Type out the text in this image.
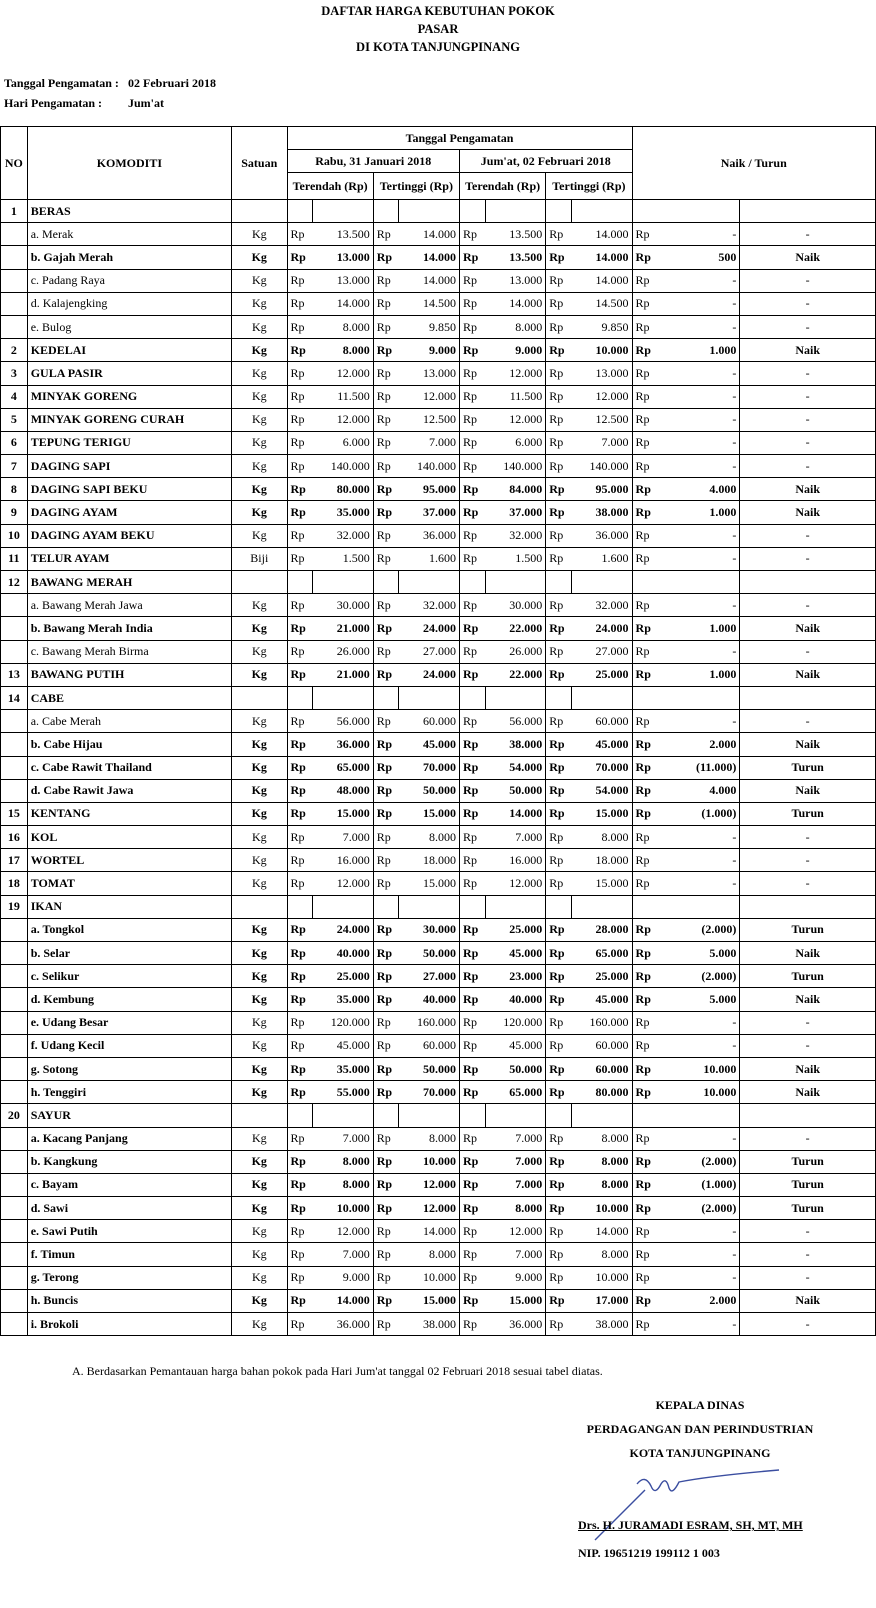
DAFTAR HARGA KEBUTUHAN POKOK
PASAR
DI KOTA TANJUNGPINANG
Tanggal Pengamatan : 02 Februari 2018
Hari Pengamatan : Jum'at
NO	KOMODITI	Satuan	Tanggal Pengamatan								Naik / Turun		
			Rabu, 31 Januari 2018				Jum'at, 02 Februari 2018						
			Terendah (Rp)		Tertinggi (Rp)		Terendah (Rp)		Tertinggi (Rp)				
1	BERAS												
	a. Merak	Kg	Rp	13.500	Rp	14.000	Rp	13.500	Rp	14.000	Rp	-	-
	b. Gajah Merah	Kg	Rp	13.000	Rp	14.000	Rp	13.500	Rp	14.000	Rp	500	Naik
	c. Padang Raya	Kg	Rp	13.000	Rp	14.000	Rp	13.000	Rp	14.000	Rp	-	-
	d. Kalajengking	Kg	Rp	14.000	Rp	14.500	Rp	14.000	Rp	14.500	Rp	-	-
	e. Bulog	Kg	Rp	8.000	Rp	9.850	Rp	8.000	Rp	9.850	Rp	-	-
2	KEDELAI	Kg	Rp	8.000	Rp	9.000	Rp	9.000	Rp	10.000	Rp	1.000	Naik
3	GULA PASIR	Kg	Rp	12.000	Rp	13.000	Rp	12.000	Rp	13.000	Rp	-	-
4	MINYAK GORENG	Kg	Rp	11.500	Rp	12.000	Rp	11.500	Rp	12.000	Rp	-	-
5	MINYAK GORENG CURAH	Kg	Rp	12.000	Rp	12.500	Rp	12.000	Rp	12.500	Rp	-	-
6	TEPUNG TERIGU	Kg	Rp	6.000	Rp	7.000	Rp	6.000	Rp	7.000	Rp	-	-
7	DAGING SAPI	Kg	Rp	140.000	Rp	140.000	Rp	140.000	Rp	140.000	Rp	-	-
8	DAGING SAPI BEKU	Kg	Rp	80.000	Rp	95.000	Rp	84.000	Rp	95.000	Rp	4.000	Naik
9	DAGING AYAM	Kg	Rp	35.000	Rp	37.000	Rp	37.000	Rp	38.000	Rp	1.000	Naik
10	DAGING AYAM BEKU	Kg	Rp	32.000	Rp	36.000	Rp	32.000	Rp	36.000	Rp	-	-
11	TELUR AYAM	Biji	Rp	1.500	Rp	1.600	Rp	1.500	Rp	1.600	Rp	-	-
12	BAWANG MERAH												
	a. Bawang Merah Jawa	Kg	Rp	30.000	Rp	32.000	Rp	30.000	Rp	32.000	Rp	-	-
	b. Bawang Merah India	Kg	Rp	21.000	Rp	24.000	Rp	22.000	Rp	24.000	Rp	1.000	Naik
	c. Bawang Merah Birma	Kg	Rp	26.000	Rp	27.000	Rp	26.000	Rp	27.000	Rp	-	-
13	BAWANG PUTIH	Kg	Rp	21.000	Rp	24.000	Rp	22.000	Rp	25.000	Rp	1.000	Naik
14	CABE												
	a. Cabe Merah	Kg	Rp	56.000	Rp	60.000	Rp	56.000	Rp	60.000	Rp	-	-
	b. Cabe Hijau	Kg	Rp	36.000	Rp	45.000	Rp	38.000	Rp	45.000	Rp	2.000	Naik
	c. Cabe Rawit Thailand	Kg	Rp	65.000	Rp	70.000	Rp	54.000	Rp	70.000	Rp	(11.000)	Turun
	d. Cabe Rawit Jawa	Kg	Rp	48.000	Rp	50.000	Rp	50.000	Rp	54.000	Rp	4.000	Naik
15	KENTANG	Kg	Rp	15.000	Rp	15.000	Rp	14.000	Rp	15.000	Rp	(1.000)	Turun
16	KOL	Kg	Rp	7.000	Rp	8.000	Rp	7.000	Rp	8.000	Rp	-	-
17	WORTEL	Kg	Rp	16.000	Rp	18.000	Rp	16.000	Rp	18.000	Rp	-	-
18	TOMAT	Kg	Rp	12.000	Rp	15.000	Rp	12.000	Rp	15.000	Rp	-	-
19	IKAN												
	a. Tongkol	Kg	Rp	24.000	Rp	30.000	Rp	25.000	Rp	28.000	Rp	(2.000)	Turun
	b. Selar	Kg	Rp	40.000	Rp	50.000	Rp	45.000	Rp	65.000	Rp	5.000	Naik
	c. Selikur	Kg	Rp	25.000	Rp	27.000	Rp	23.000	Rp	25.000	Rp	(2.000)	Turun
	d. Kembung	Kg	Rp	35.000	Rp	40.000	Rp	40.000	Rp	45.000	Rp	5.000	Naik
	e. Udang Besar	Kg	Rp	120.000	Rp	160.000	Rp	120.000	Rp	160.000	Rp	-	-
	f. Udang Kecil	Kg	Rp	45.000	Rp	60.000	Rp	45.000	Rp	60.000	Rp	-	-
	g. Sotong	Kg	Rp	35.000	Rp	50.000	Rp	50.000	Rp	60.000	Rp	10.000	Naik
	h. Tenggiri	Kg	Rp	55.000	Rp	70.000	Rp	65.000	Rp	80.000	Rp	10.000	Naik
20	SAYUR												
	a. Kacang Panjang	Kg	Rp	7.000	Rp	8.000	Rp	7.000	Rp	8.000	Rp	-	-
	b. Kangkung	Kg	Rp	8.000	Rp	10.000	Rp	7.000	Rp	8.000	Rp	(2.000)	Turun
	c. Bayam	Kg	Rp	8.000	Rp	12.000	Rp	7.000	Rp	8.000	Rp	(1.000)	Turun
	d. Sawi	Kg	Rp	10.000	Rp	12.000	Rp	8.000	Rp	10.000	Rp	(2.000)	Turun
	e. Sawi Putih	Kg	Rp	12.000	Rp	14.000	Rp	12.000	Rp	14.000	Rp	-	-
	f. Timun	Kg	Rp	7.000	Rp	8.000	Rp	7.000	Rp	8.000	Rp	-	-
	g. Terong	Kg	Rp	9.000	Rp	10.000	Rp	9.000	Rp	10.000	Rp	-	-
	h. Buncis	Kg	Rp	14.000	Rp	15.000	Rp	15.000	Rp	17.000	Rp	2.000	Naik
	i. Brokoli	Kg	Rp	36.000	Rp	38.000	Rp	36.000	Rp	38.000	Rp	-	-
A. Berdasarkan Pemantauan harga bahan pokok pada Hari Jum'at tanggal 02 Februari 2018 sesuai tabel diatas.
KEPALA DINAS
PERDAGANGAN DAN PERINDUSTRIAN
KOTA TANJUNGPINANG
Drs. H. JURAMADI ESRAM, SH, MT, MH
NIP. 19651219 199112 1 003
